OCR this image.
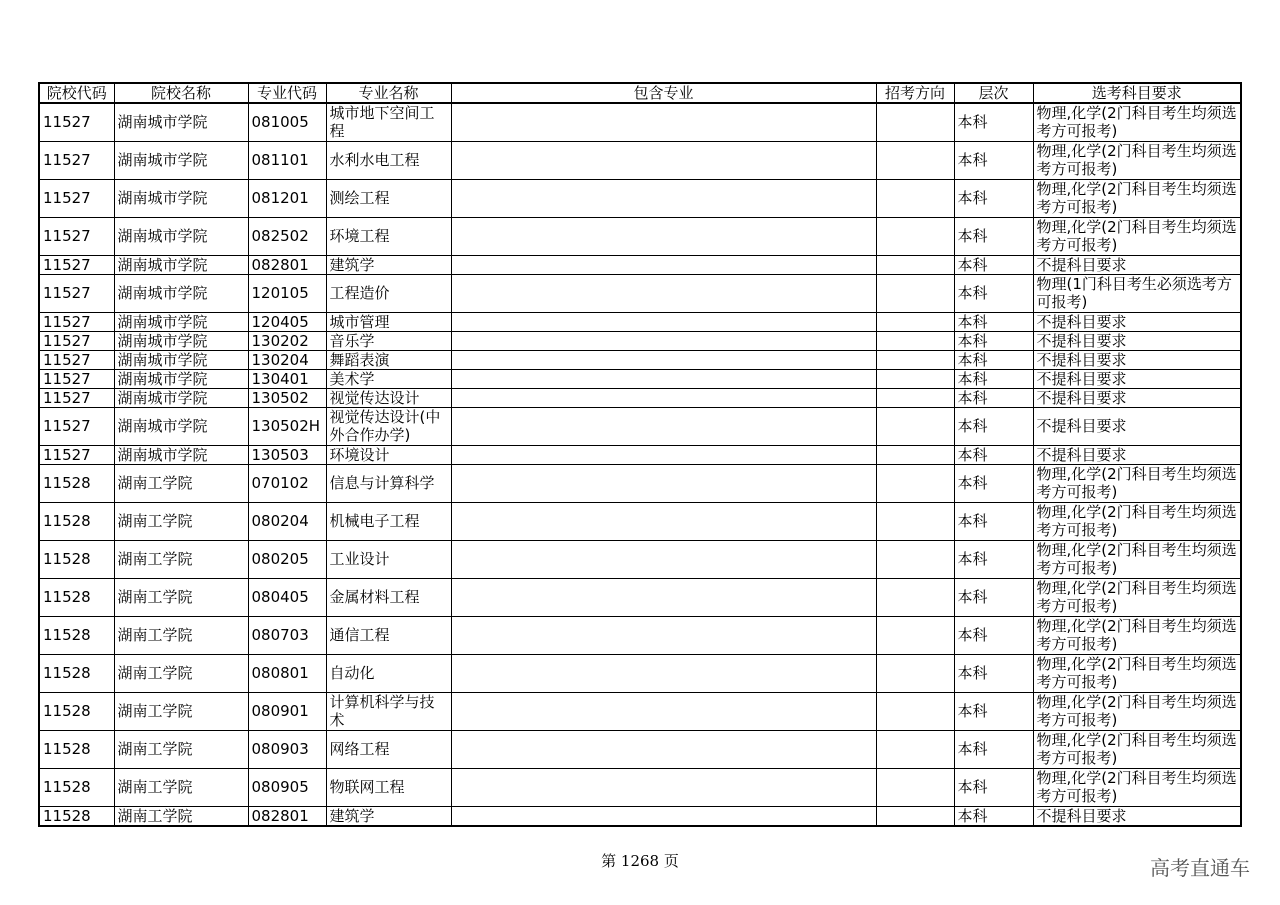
院校代码	院校名称	专业代码	专业名称	包含专业	招考方向	层次	选考科目要求
11527	湖南城市学院	081005	城市地下空间工程			本科	物理,化学(2门科目考生均须选考方可报考)
11527	湖南城市学院	081101	水利水电工程			本科	物理,化学(2门科目考生均须选考方可报考)
11527	湖南城市学院	081201	测绘工程			本科	物理,化学(2门科目考生均须选考方可报考)
11527	湖南城市学院	082502	环境工程			本科	物理,化学(2门科目考生均须选考方可报考)
11527	湖南城市学院	082801	建筑学			本科	不提科目要求
11527	湖南城市学院	120105	工程造价			本科	物理(1门科目考生必须选考方可报考)
11527	湖南城市学院	120405	城市管理			本科	不提科目要求
11527	湖南城市学院	130202	音乐学			本科	不提科目要求
11527	湖南城市学院	130204	舞蹈表演			本科	不提科目要求
11527	湖南城市学院	130401	美术学			本科	不提科目要求
11527	湖南城市学院	130502	视觉传达设计			本科	不提科目要求
11527	湖南城市学院	130502H	视觉传达设计(中外合作办学)			本科	不提科目要求
11527	湖南城市学院	130503	环境设计			本科	不提科目要求
11528	湖南工学院	070102	信息与计算科学			本科	物理,化学(2门科目考生均须选考方可报考)
11528	湖南工学院	080204	机械电子工程			本科	物理,化学(2门科目考生均须选考方可报考)
11528	湖南工学院	080205	工业设计			本科	物理,化学(2门科目考生均须选考方可报考)
11528	湖南工学院	080405	金属材料工程			本科	物理,化学(2门科目考生均须选考方可报考)
11528	湖南工学院	080703	通信工程			本科	物理,化学(2门科目考生均须选考方可报考)
11528	湖南工学院	080801	自动化			本科	物理,化学(2门科目考生均须选考方可报考)
11528	湖南工学院	080901	计算机科学与技术			本科	物理,化学(2门科目考生均须选考方可报考)
11528	湖南工学院	080903	网络工程			本科	物理,化学(2门科目考生均须选考方可报考)
11528	湖南工学院	080905	物联网工程			本科	物理,化学(2门科目考生均须选考方可报考)
11528	湖南工学院	082801	建筑学			本科	不提科目要求
第 1268 页	高考直通车
